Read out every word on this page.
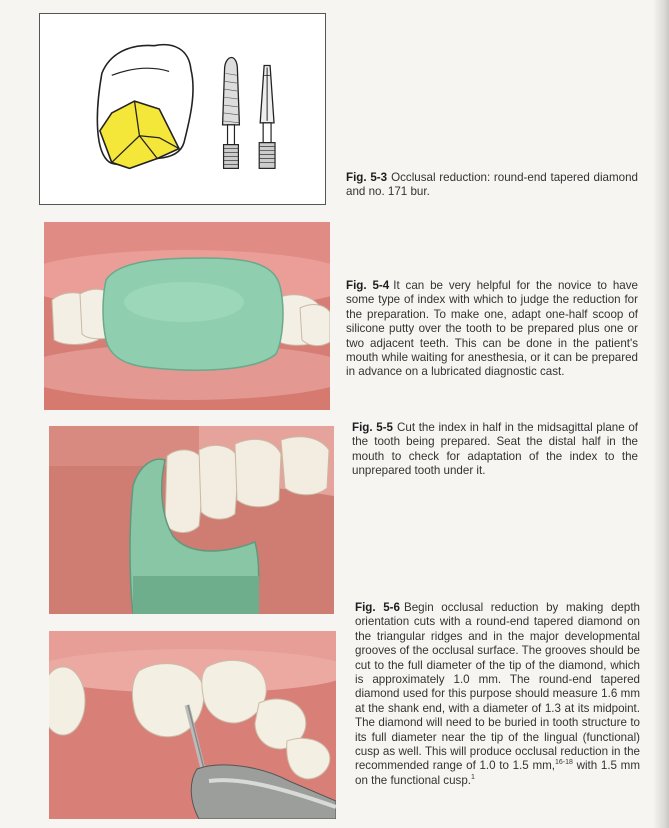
Fig. 5-3 Occlusal reduction: round-end tapered diamond and no. 171 bur.
Fig. 5-4 It can be very helpful for the novice to have some type of index with which to judge the reduction for the preparation. To make one, adapt one-half scoop of silicone putty over the tooth to be prepared plus one or two adjacent teeth. This can be done in the patient's mouth while waiting for anesthesia, or it can be prepared in advance on a lubricated diagnostic cast.
Fig. 5-5 Cut the index in half in the midsagittal plane of the tooth being prepared. Seat the distal half in the mouth to check for adaptation of the index to the unprepared tooth under it.
Fig. 5-6 Begin occlusal reduction by making depth orientation cuts with a round-end tapered diamond on the triangular ridges and in the major developmental grooves of the occlusal surface. The grooves should be cut to the full diameter of the tip of the diamond, which is approximately 1.0 mm. The round-end tapered diamond used for this purpose should measure 1.6 mm at the shank end, with a diameter of 1.3 at its midpoint. The diamond will need to be buried in tooth structure to its full diameter near the tip of the lingual (functional) cusp as well. This will produce occlusal reduction in the recommended range of 1.0 to 1.5 mm,$^{16-18}$ with 1.5 mm on the functional cusp.$^1$
